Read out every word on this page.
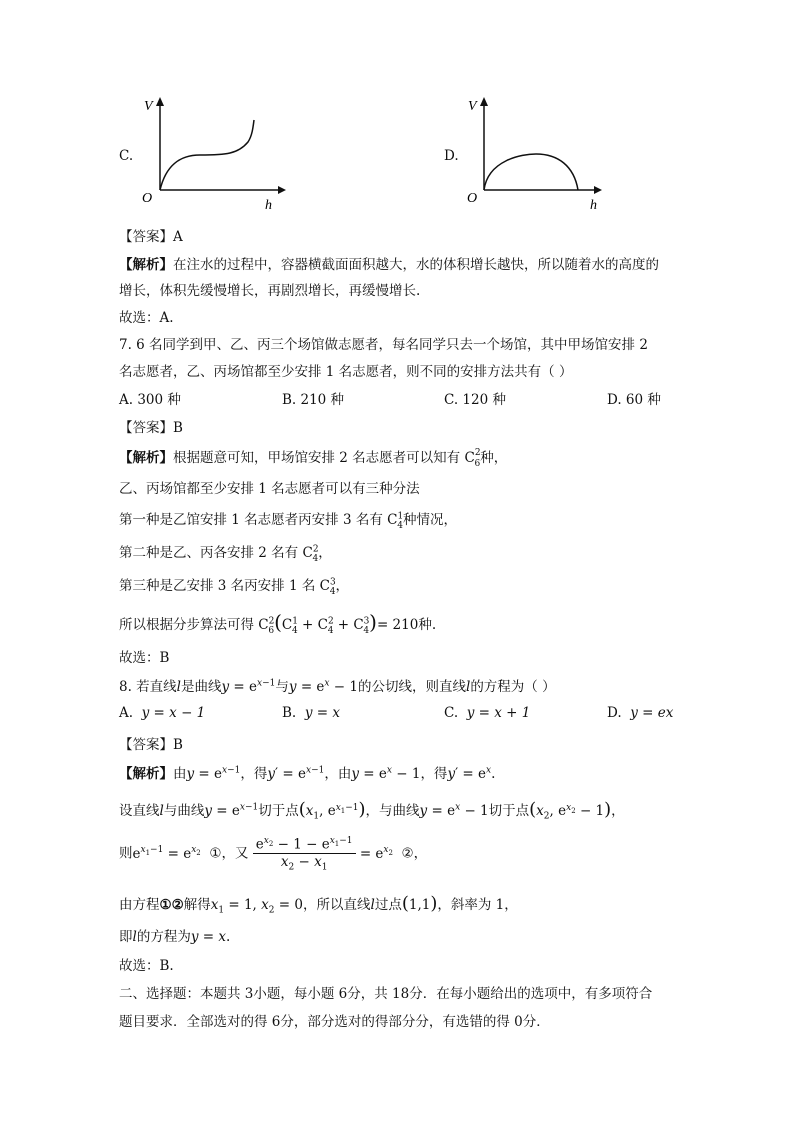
C.
V
O	h
D.
V
O	h
【答案】A
【解析】在注水的过程中，容器横截面面积越大，水的体积增长越快，所以随着水的高度的
增长，体积先缓慢增长，再剧烈增长，再缓慢增长.
故选：A.
7. 6 名同学到甲、乙、丙三个场馆做志愿者，每名同学只去一个场馆，其中甲场馆安排 2
名志愿者，乙、丙场馆都至少安排 1 名志愿者，则不同的安排方法共有（ ）
A. 300 种	B. 210 种	C. 120 种	D. 60 种
【答案】B
【解析】根据题意可知，甲场馆安排 2 名志愿者可以知有 $C^2_6$种，
乙、丙场馆都至少安排 1 名志愿者可以有三种分法
第一种是乙馆安排 1 名志愿者丙安排 3 名有 $C^1_4$种情况，
第二种是乙、丙各安排 2 名有 $C^2_4$，
第三种是乙安排 3 名丙安排 1 名 $C^3_4$，
所以根据分步算法可得 $C^2_6(C^1_4 + C^2_4 + C^3_4)= 210$种.
故选：B
8. 若直线l是曲线$y = e^{x-1}$与$y = e^x - 1$的公切线，则直线l的方程为（ ）
A. y = x − 1	B. y = x	C. y = x + 1	D. y = ex
【答案】B
【解析】由$y = e^{x-1}$，得$y' = e^{x-1}$，由$y = e^x - 1$，得$y' = e^x$.
设直线l与曲线$y = e^{x-1}$切于点($x_1$, $e^{x_1-1}$)，与曲线$y = e^x - 1$切于点($x_2$, $e^{x_2} - 1$)，
则$e^{x_1-1} = e^{x_2}$ ①，又 $\frac{e^{x_2} - 1 - e^{x_1-1}}{x_2 - x_1} = e^{x_2}$ ②，
由方程①②解得$x_1 = 1$, $x_2 = 0$，所以直线l过点(1,1)，斜率为 1，
即l的方程为y = x.
故选：B.
二、选择题：本题共 3小题，每小题 6分，共 18分．在每小题给出的选项中，有多项符合
题目要求．全部选对的得 6分，部分选对的得部分分，有选错的得 0分．
